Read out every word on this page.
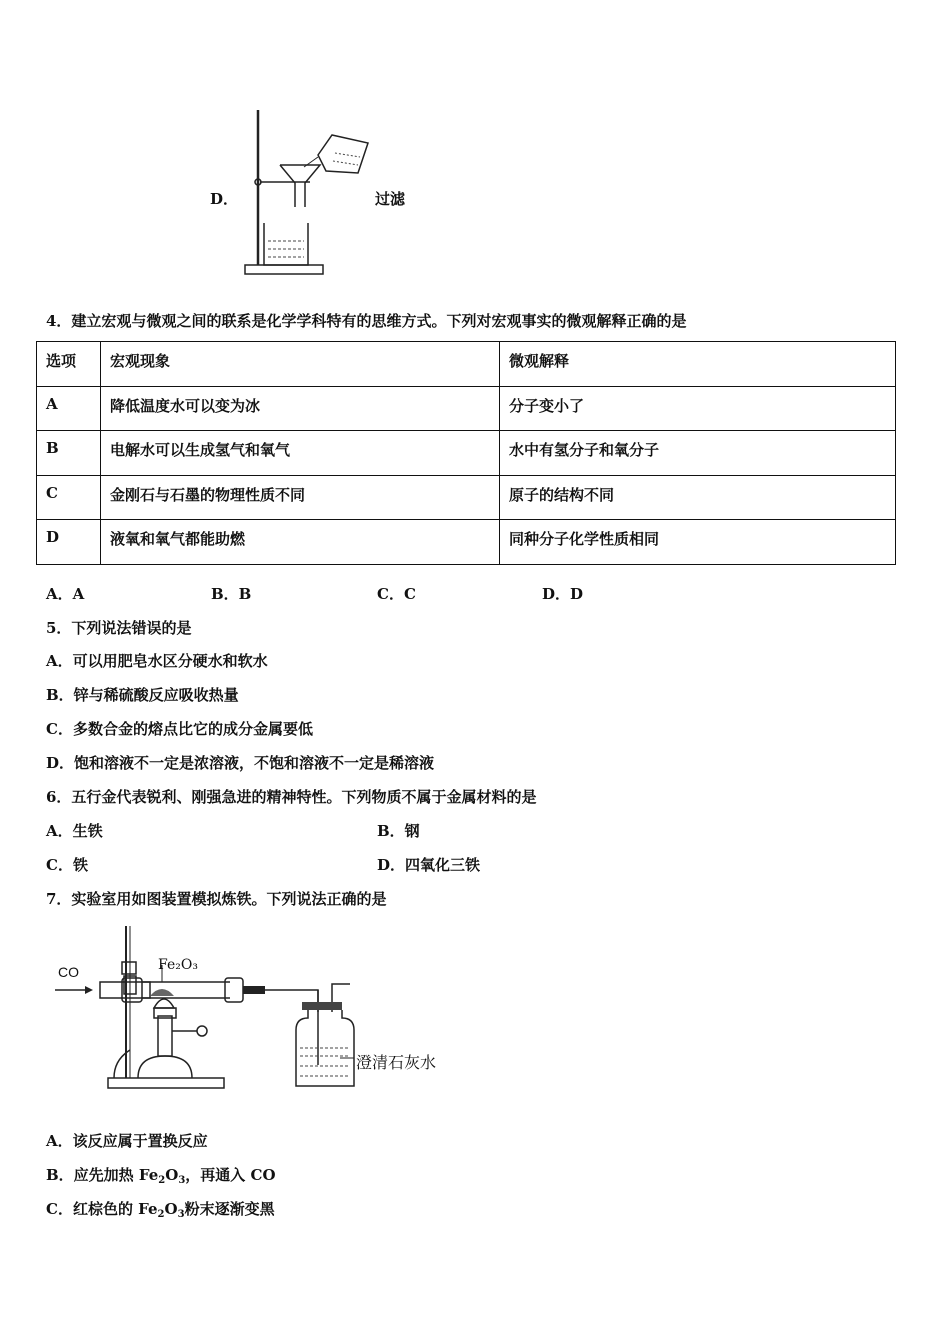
D．	过滤
4．建立宏观与微观之间的联系是化学学科特有的思维方式。下列对宏观事实的微观解释正确的是
选项	宏观现象	微观解释
A	降低温度水可以变为冰	分子变小了
B	电解水可以生成氢气和氧气	水中有氢分子和氧分子
C	金刚石与石墨的物理性质不同	原子的结构不同
D	液氧和氧气都能助燃	同种分子化学性质相同
A．A	B．B	C．C	D．D
5．下列说法错误的是
A．可以用肥皂水区分硬水和软水
B．锌与稀硫酸反应吸收热量
C．多数合金的熔点比它的成分金属要低
D．饱和溶液不一定是浓溶液，不饱和溶液不一定是稀溶液
6．五行金代表锐利、刚强急进的精神特性。下列物质不属于金属材料的是
A．生铁	B．钢
C．铁	D．四氧化三铁
7．实验室用如图装置模拟炼铁。下列说法正确的是
CO	Fe₂O₃
澄清石灰水
A．该反应属于置换反应
B．应先加热 $Fe_2O_3$，再通入 CO
C．红棕色的 $Fe_2O_3$粉末逐渐变黑
